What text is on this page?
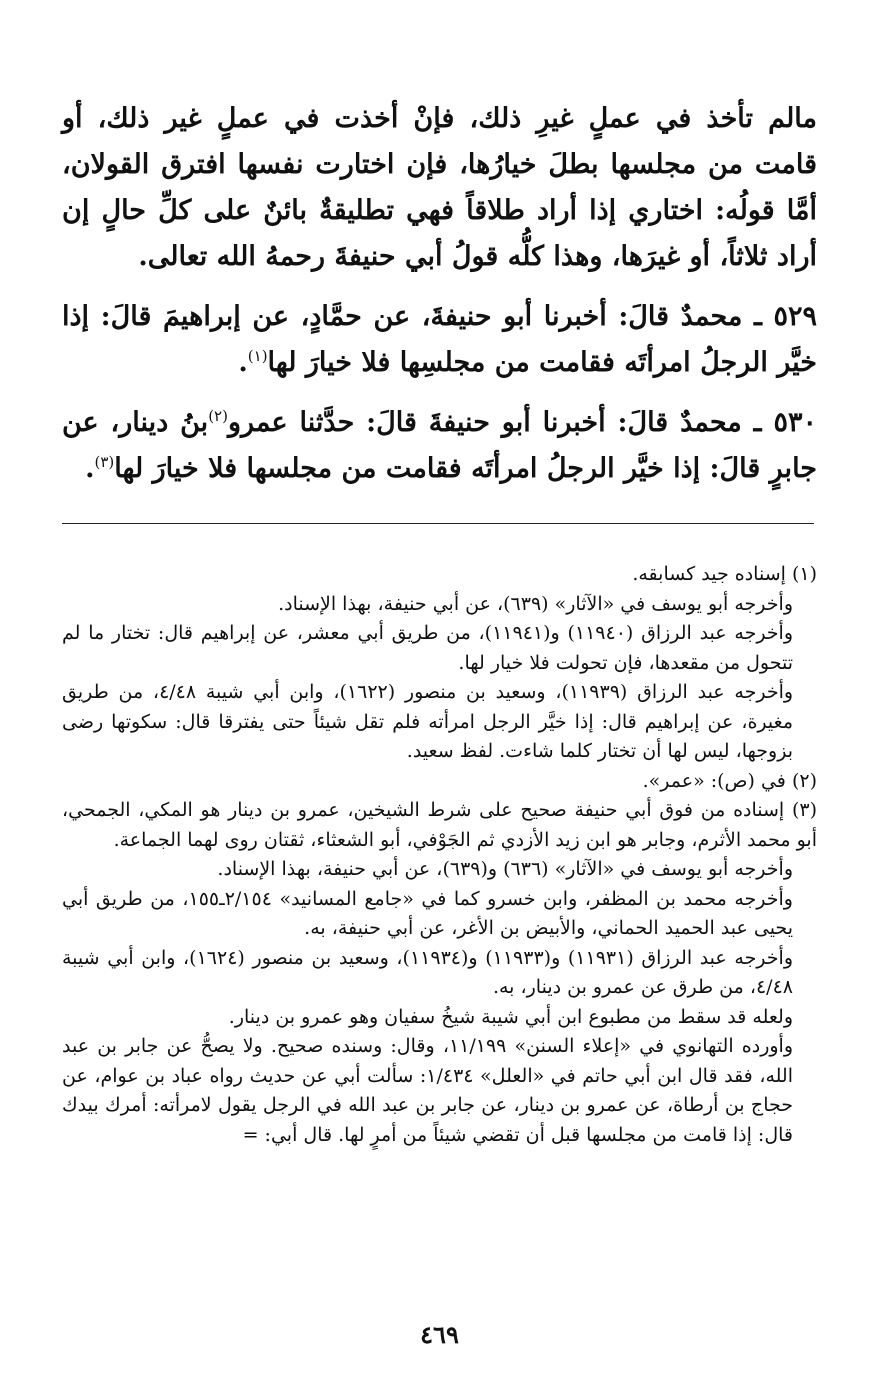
مالم تأخذ في عملٍ غيرِ ذلك، فإنْ أخذت في عملٍ غير ذلك، أو قامت من مجلسها بطلَ خيارُها، فإن اختارت نفسها افترق القولان، أمَّا قولُه: اختاري إذا أراد طلاقاً فهي تطليقةٌ بائنٌ على كلِّ حالٍ إن أراد ثلاثاً، أو غيرَها، وهذا كلُّه قولُ أبي حنيفةَ رحمهُ الله تعالى.

٥٢٩ ـ محمدٌ قالَ: أخبرنا أبو حنيفةَ، عن حمَّادٍ، عن إبراهيمَ قالَ: إذا خيَّر الرجلُ امرأتَه فقامت من مجلسِها فلا خيارَ لها$^{(١)}$.

٥٣٠ ـ محمدٌ قالَ: أخبرنا أبو حنيفةَ قالَ: حدَّثنا عمرو$^{(٢)}$بنُ دينار، عن جابرٍ قالَ: إذا خيَّر الرجلُ امرأتَه فقامت من مجلسها فلا خيارَ لها$^{(٣)}$.

(١) إسناده جيد كسابقه.

وأخرجه أبو يوسف في «الآثار» (٦٣٩)، عن أبي حنيفة، بهذا الإسناد.

وأخرجه عبد الرزاق (١١٩٤٠) و(١١٩٤١)، من طريق أبي معشر، عن إبراهيم قال: تختار ما لم تتحول من مقعدها، فإن تحولت فلا خيار لها.

وأخرجه عبد الرزاق (١١٩٣٩)، وسعيد بن منصور (١٦٢٢)، وابن أبي شيبة ٤/٤٨، من طريق مغيرة، عن إبراهيم قال: إذا خيَّر الرجل امرأته فلم تقل شيئاً حتى يفترقا قال: سكوتها رضى بزوجها، ليس لها أن تختار كلما شاءت. لفظ سعيد.

(٢) في (ص): «عمر».

(٣) إسناده من فوق أبي حنيفة صحيح على شرط الشيخين، عمرو بن دينار هو المكي، الجمحي، أبو محمد الأثرم، وجابر هو ابن زيد الأزدي ثم الجَوْفي، أبو الشعثاء، ثقتان روى لهما الجماعة.

وأخرجه أبو يوسف في «الآثار» (٦٣٦) و(٦٣٩)، عن أبي حنيفة، بهذا الإسناد.

وأخرجه محمد بن المظفر، وابن خسرو كما في «جامع المسانيد» ٢/١٥٤ـ١٥٥، من طريق أبي يحيى عبد الحميد الحماني، والأبيض بن الأغر، عن أبي حنيفة، به.

وأخرجه عبد الرزاق (١١٩٣١) و(١١٩٣٣) و(١١٩٣٤)، وسعيد بن منصور (١٦٢٤)، وابن أبي شيبة ٤/٤٨، من طرق عن عمرو بن دينار، به.

ولعله قد سقط من مطبوع ابن أبي شيبة شيخُ سفيان وهو عمرو بن دينار.

وأورده التهانوي في «إعلاء السنن» ١١/١٩٩، وقال: وسنده صحيح. ولا يصحُّ عن جابر بن عبد الله، فقد قال ابن أبي حاتم في «العلل» ١/٤٣٤: سألت أبي عن حديث رواه عباد بن عوام، عن حجاج بن أرطاة، عن عمرو بن دينار، عن جابر بن عبد الله في الرجل يقول لامرأته: أمرك بيدك قال: إذا قامت من مجلسها قبل أن تقضي شيئاً من أمرٍ لها. قال أبي: =

٤٦٩
